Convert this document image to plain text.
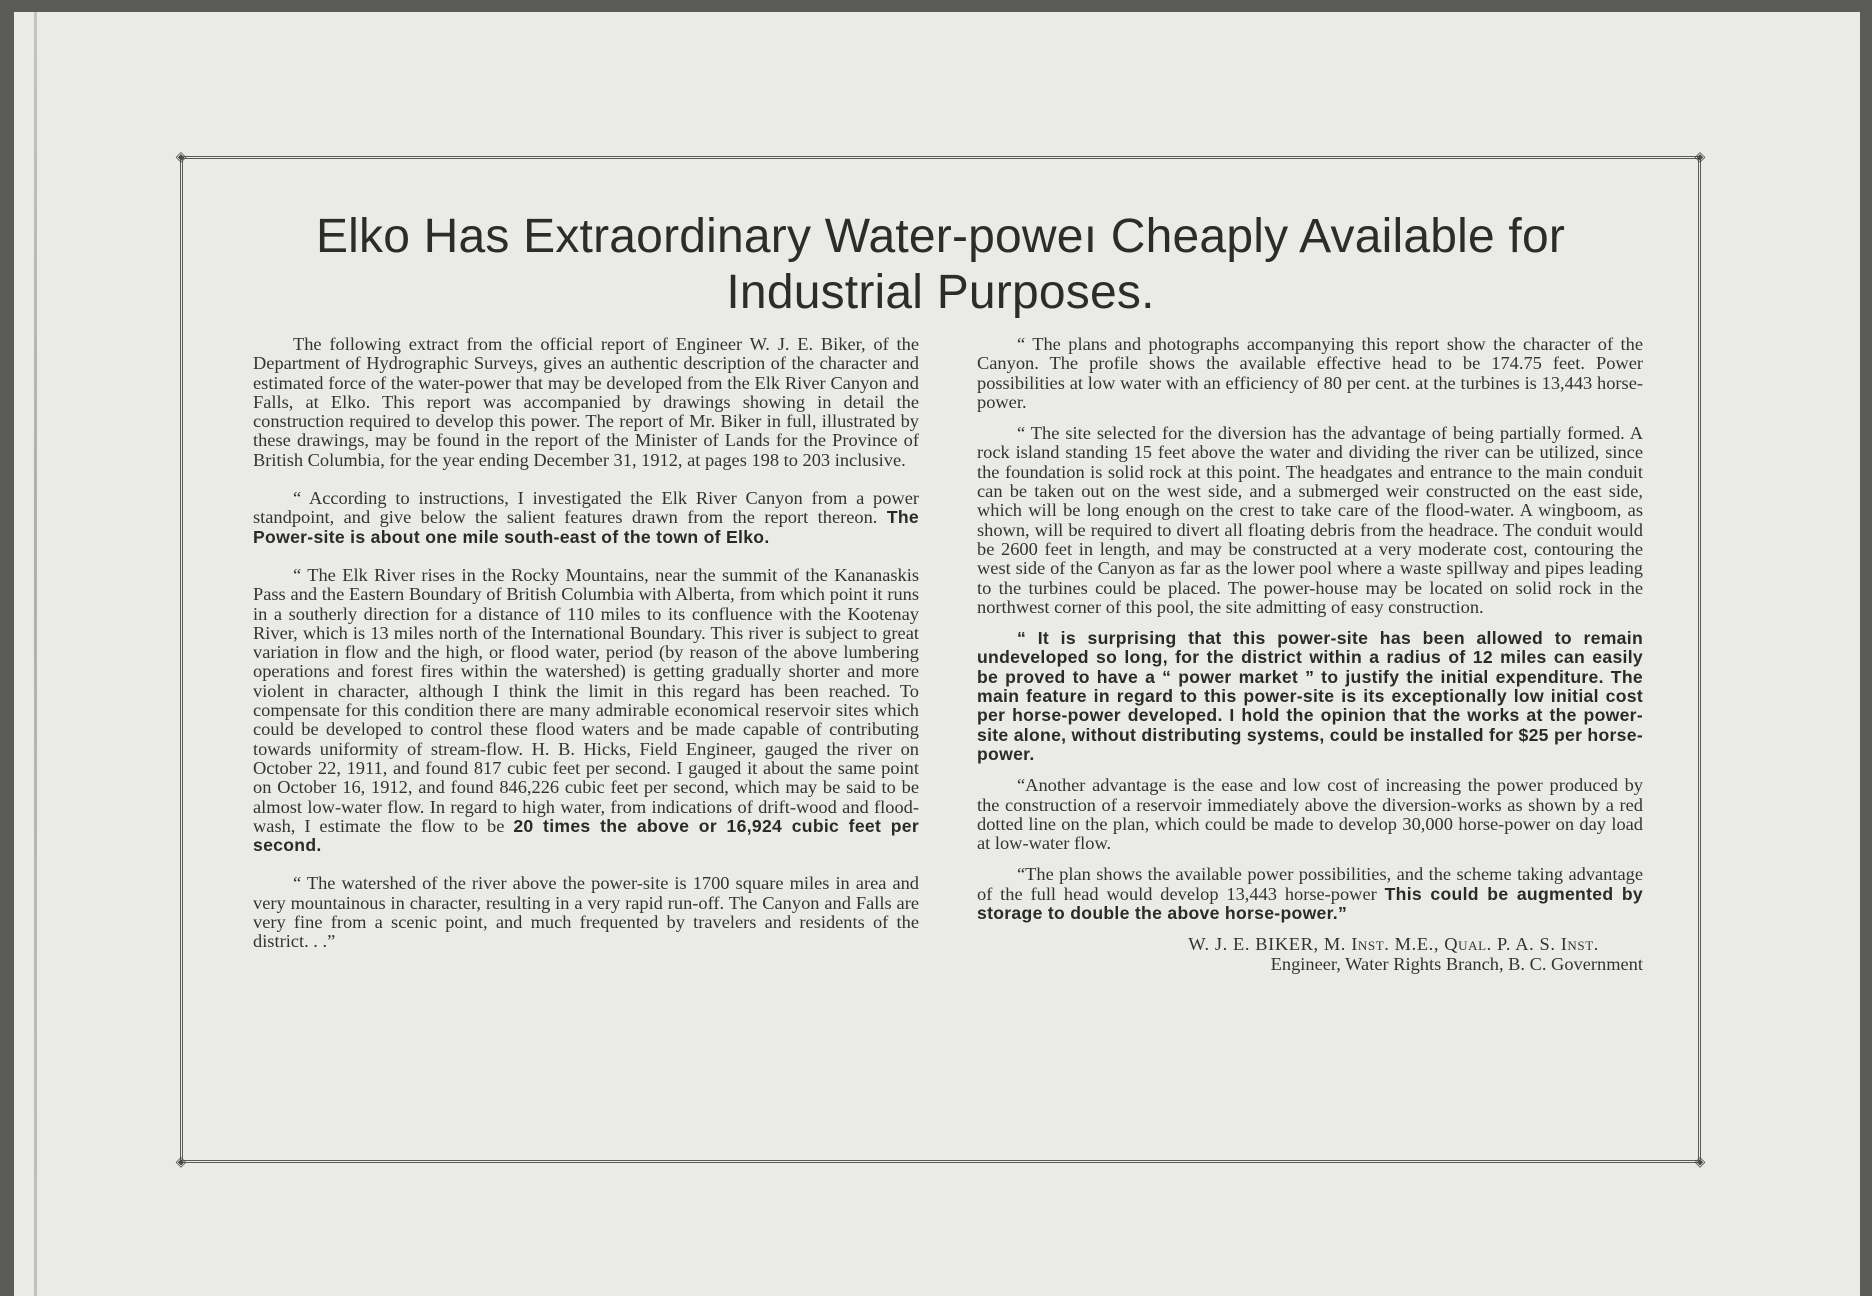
◈	◈
◈	◈
Elko Has Extraordinary Water-poweı Cheaply Available for
Industrial Purposes.

The following extract from the official report of Engineer W. J. E. Biker, of the Department of Hydrographic Surveys, gives an authentic description of the character and estimated force of the water-power that may be developed from the Elk River Canyon and Falls, at Elko. This report was accompanied by drawings showing in detail the construction required to develop this power. The report of Mr. Biker in full, illustrated by these drawings, may be found in the report of the Minister of Lands for the Province of British Columbia, for the year ending December 31, 1912, at pages 198 to 203 inclusive.

“ According to instructions, I investigated the Elk River Canyon from a power standpoint, and give below the salient features drawn from the report thereon. The Power-site is about one mile south-east of the town of Elko.

“ The Elk River rises in the Rocky Mountains, near the summit of the Kananaskis Pass and the Eastern Boundary of British Columbia with Alberta, from which point it runs in a southerly direction for a distance of 110 miles to its confluence with the Kootenay River, which is 13 miles north of the International Boundary. This river is subject to great variation in flow and the high, or flood water, period (by reason of the above lumbering operations and forest fires within the watershed) is getting gradually shorter and more violent in character, although I think the limit in this regard has been reached. To compensate for this condition there are many admirable economical reservoir sites which could be developed to control these flood waters and be made capable of contributing towards uniformity of stream-flow. H. B. Hicks, Field Engineer, gauged the river on October 22, 1911, and found 817 cubic feet per second. I gauged it about the same point on October 16, 1912, and found 846,226 cubic feet per second, which may be said to be almost low-water flow. In regard to high water, from indications of drift-wood and flood-wash, I estimate the flow to be 20 times the above or 16,924 cubic feet per second.

“ The watershed of the river above the power-site is 1700 square miles in area and very mountainous in character, resulting in a very rapid run-off. The Canyon and Falls are very fine from a scenic point, and much frequented by travelers and residents of the district. . .”

“ The plans and photographs accompanying this report show the character of the Canyon. The profile shows the available effective head to be 174.75 feet. Power possibilities at low water with an efficiency of 80 per cent. at the turbines is 13,443 horse-power.

“ The site selected for the diversion has the advantage of being partially formed. A rock island standing 15 feet above the water and dividing the river can be utilized, since the foundation is solid rock at this point. The headgates and entrance to the main conduit can be taken out on the west side, and a submerged weir constructed on the east side, which will be long enough on the crest to take care of the flood-water. A wingboom, as shown, will be required to divert all floating debris from the headrace. The conduit would be 2600 feet in length, and may be constructed at a very moderate cost, contouring the west side of the Canyon as far as the lower pool where a waste spillway and pipes leading to the turbines could be placed. The power-house may be located on solid rock in the northwest corner of this pool, the site admitting of easy construction.

“ It is surprising that this power-site has been allowed to remain undeveloped so long, for the district within a radius of 12 miles can easily be proved to have a “ power market ” to justify the initial expenditure. The main feature in regard to this power-site is its exceptionally low initial cost per horse-power developed. I hold the opinion that the works at the power-site alone, without distributing systems, could be installed for $25 per horse-power.

“Another advantage is the ease and low cost of increasing the power produced by the construction of a reservoir immediately above the diversion-works as shown by a red dotted line on the plan, which could be made to develop 30,000 horse-power on day load at low-water flow.

“The plan shows the available power possibilities, and the scheme taking advantage of the full head would develop 13,443 horse-power This could be augmented by storage to double the above horse-power.”

W. J. E. BIKER, M. Inst. M.E., Qual. P. A. S. Inst.
Engineer, Water Rights Branch, B. C. Government
